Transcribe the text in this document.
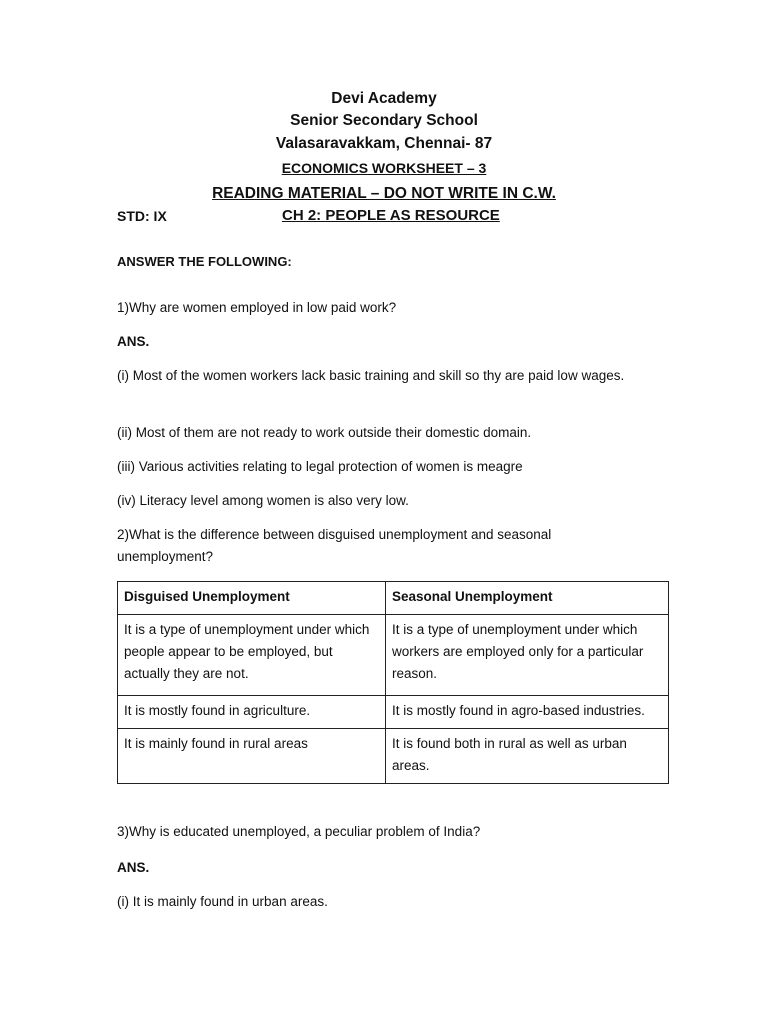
Devi Academy
Senior Secondary School
Valasaravakkam, Chennai- 87
ECONOMICS WORKSHEET – 3
READING MATERIAL – DO NOT WRITE IN C.W.
STD: IX	CH 2: PEOPLE AS RESOURCE
ANSWER THE FOLLOWING:
1)Why are women employed in low paid work?
ANS.
(i) Most of the women workers lack basic training and skill so thy are paid low wages.
(ii) Most of them are not ready to work outside their domestic domain.
(iii) Various activities relating to legal protection of women is meagre
(iv) Literacy level among women is also very low.
2)What is the difference between disguised unemployment and seasonal unemployment?
Disguised Unemployment	Seasonal Unemployment
It is a type of unemployment under which people appear to be employed, but actually they are not.	It is a type of unemployment under which workers are employed only for a particular reason.
It is mostly found in agriculture.	It is mostly found in agro-based industries.
It is mainly found in rural areas	It is found both in rural as well as urban areas.
3)Why is educated unemployed, a peculiar problem of India?
ANS.
(i) It is mainly found in urban areas.
